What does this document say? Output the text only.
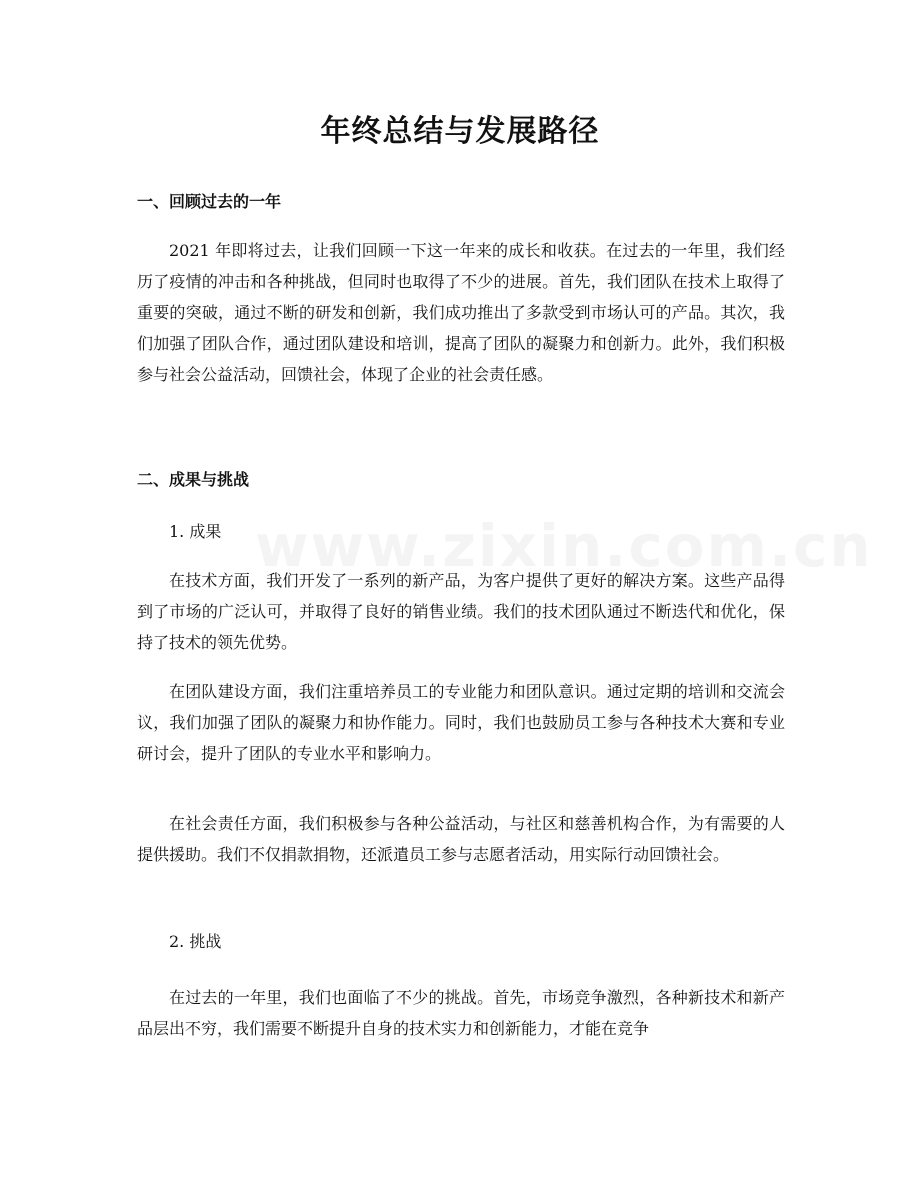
年终总结与发展路径
一、回顾过去的一年

2021 年即将过去，让我们回顾一下这一年来的成长和收获。在过去的一年里，我们经历了疫情的冲击和各种挑战，但同时也取得了不少的进展。首先，我们团队在技术上取得了重要的突破，通过不断的研发和创新，我们成功推出了多款受到市场认可的产品。其次，我们加强了团队合作，通过团队建设和培训，提高了团队的凝聚力和创新力。此外，我们积极参与社会公益活动，回馈社会，体现了企业的社会责任感。

二、成果与挑战

1. 成果

在技术方面，我们开发了一系列的新产品，为客户提供了更好的解决方案。这些产品得到了市场的广泛认可，并取得了良好的销售业绩。我们的技术团队通过不断迭代和优化，保持了技术的领先优势。

在团队建设方面，我们注重培养员工的专业能力和团队意识。通过定期的培训和交流会议，我们加强了团队的凝聚力和协作能力。同时，我们也鼓励员工参与各种技术大赛和专业研讨会，提升了团队的专业水平和影响力。

在社会责任方面，我们积极参与各种公益活动，与社区和慈善机构合作，为有需要的人提供援助。我们不仅捐款捐物，还派遣员工参与志愿者活动，用实际行动回馈社会。

2. 挑战

在过去的一年里，我们也面临了不少的挑战。首先，市场竞争激烈，各种新技术和新产品层出不穷，我们需要不断提升自身的技术实力和创新能力，才能在竞争
